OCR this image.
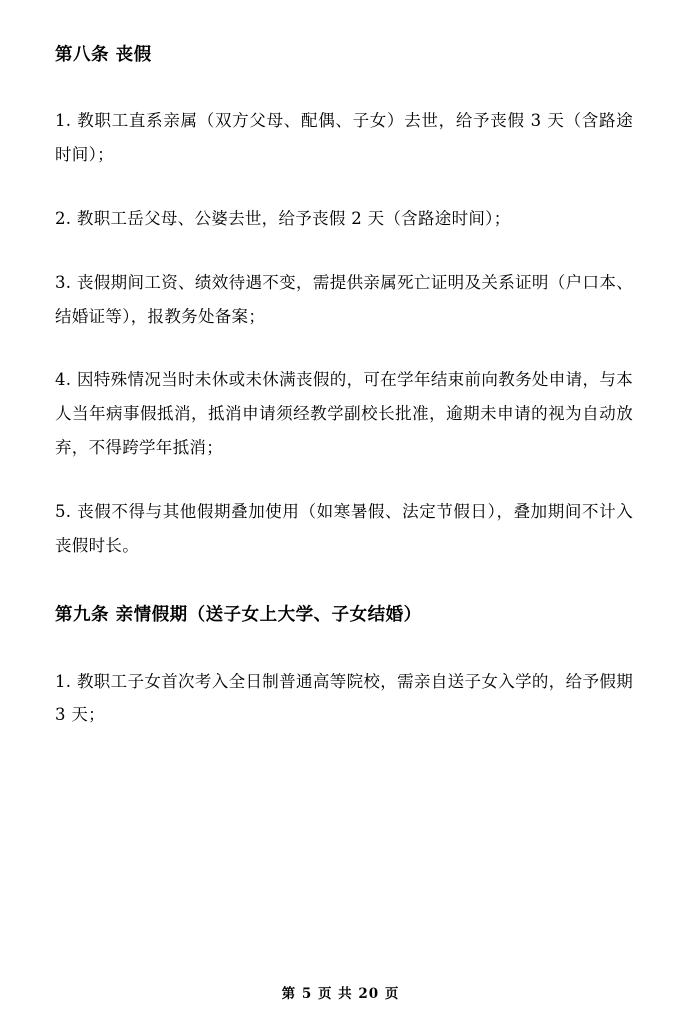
第八条 丧假

1. 教职工直系亲属（双方父母、配偶、子女）去世，给予丧假 3 天（含路途时间）；

2. 教职工岳父母、公婆去世，给予丧假 2 天（含路途时间）；

3. 丧假期间工资、绩效待遇不变，需提供亲属死亡证明及关系证明（户口本、结婚证等），报教务处备案；

4. 因特殊情况当时未休或未休满丧假的，可在学年结束前向教务处申请，与本人当年病事假抵消，抵消申请须经教学副校长批准，逾期未申请的视为自动放弃，不得跨学年抵消；

5. 丧假不得与其他假期叠加使用（如寒暑假、法定节假日），叠加期间不计入丧假时长。

第九条 亲情假期（送子女上大学、子女结婚）

1. 教职工子女首次考入全日制普通高等院校，需亲自送子女入学的，给予假期 3 天；

第 5 页 共 20 页
